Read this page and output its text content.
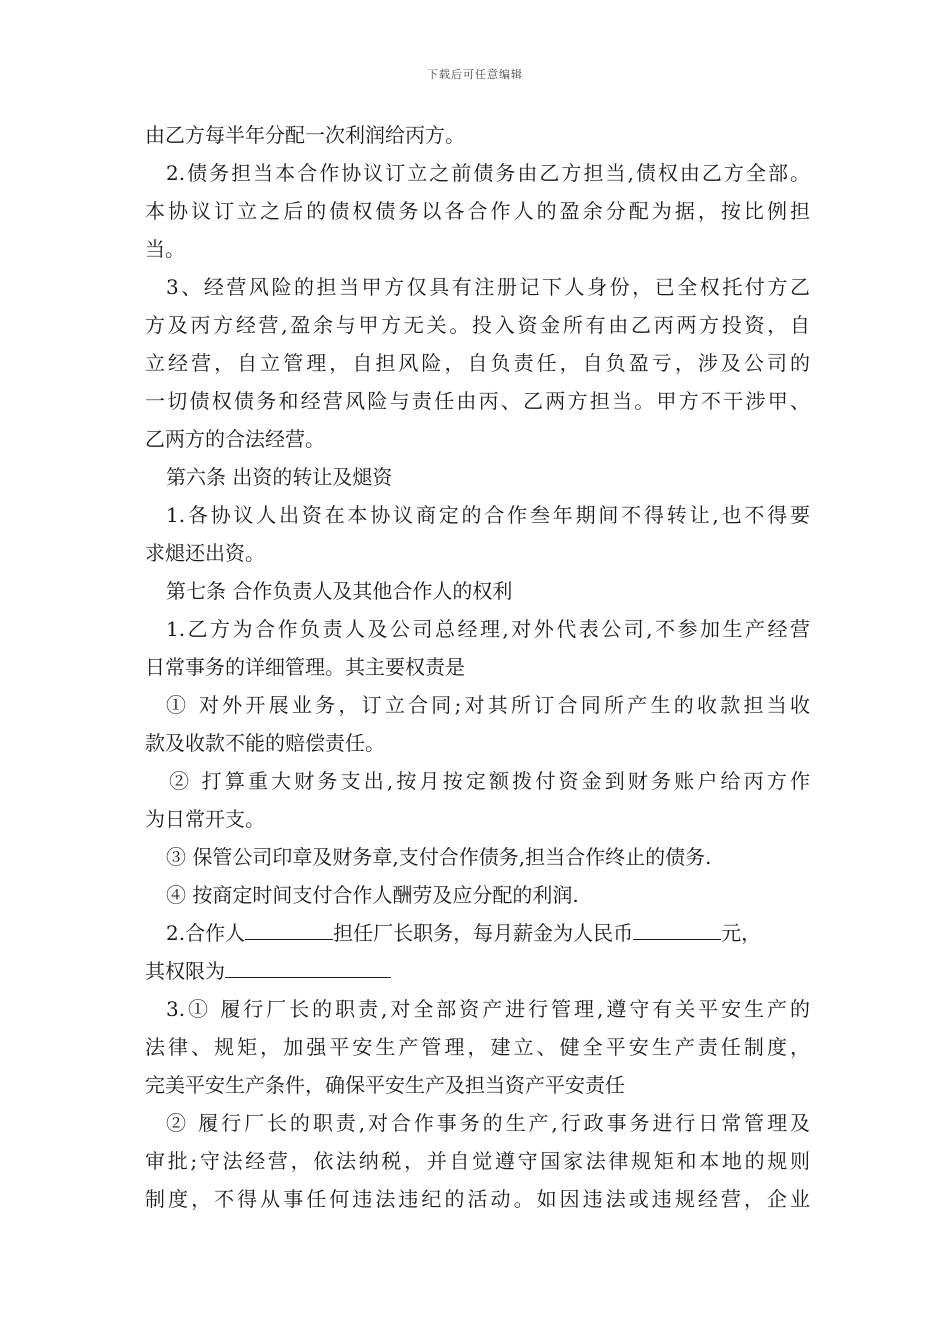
下载后可任意编辑
由乙方每半年分配一次利润给丙方。
2.债务担当本合作协议订立之前债务由乙方担当,债权由乙方全部。
本协议订立之后的债权债务以各合作人的盈余分配为据，按比例担
当。
3、经营风险的担当甲方仅具有注册记下人身份，已全权托付方乙
方及丙方经营,盈余与甲方无关。投入资金所有由乙丙两方投资，自
立经营，自立管理，自担风险，自负责任，自负盈亏，涉及公司的
一切债权债务和经营风险与责任由丙、乙两方担当。甲方不干涉甲、
乙两方的合法经营。
第六条 出资的转让及煺资
1.各协议人出资在本协议商定的合作叁年期间不得转让,也不得要
求煺还出资。
第七条 合作负责人及其他合作人的权利
1.乙方为合作负责人及公司总经理,对外代表公司,不参加生产经营
日常事务的详细管理。其主要权责是
① 对外开展业务，订立合同;对其所订合同所产生的收款担当收
款及收款不能的赔偿责任。
② 打算重大财务支出,按月按定额拨付资金到财务账户给丙方作
为日常开支。
③ 保管公司印章及财务章,支付合作债务,担当合作终止的债务.
④ 按商定时间支付合作人酬劳及应分配的利润.
2.合作人	担任厂长职务，每月薪金为人民币	元，
其权限为
3.① 履行厂长的职责,对全部资产进行管理,遵守有关平安生产的
法律、规矩，加强平安生产管理，建立、健全平安生产责任制度，
完美平安生产条件，确保平安生产及担当资产平安责任
② 履行厂长的职责,对合作事务的生产,行政事务进行日常管理及
审批;守法经营，依法纳税，并自觉遵守国家法律规矩和本地的规则
制度，不得从事任何违法违纪的活动。如因违法或违规经营，企业
